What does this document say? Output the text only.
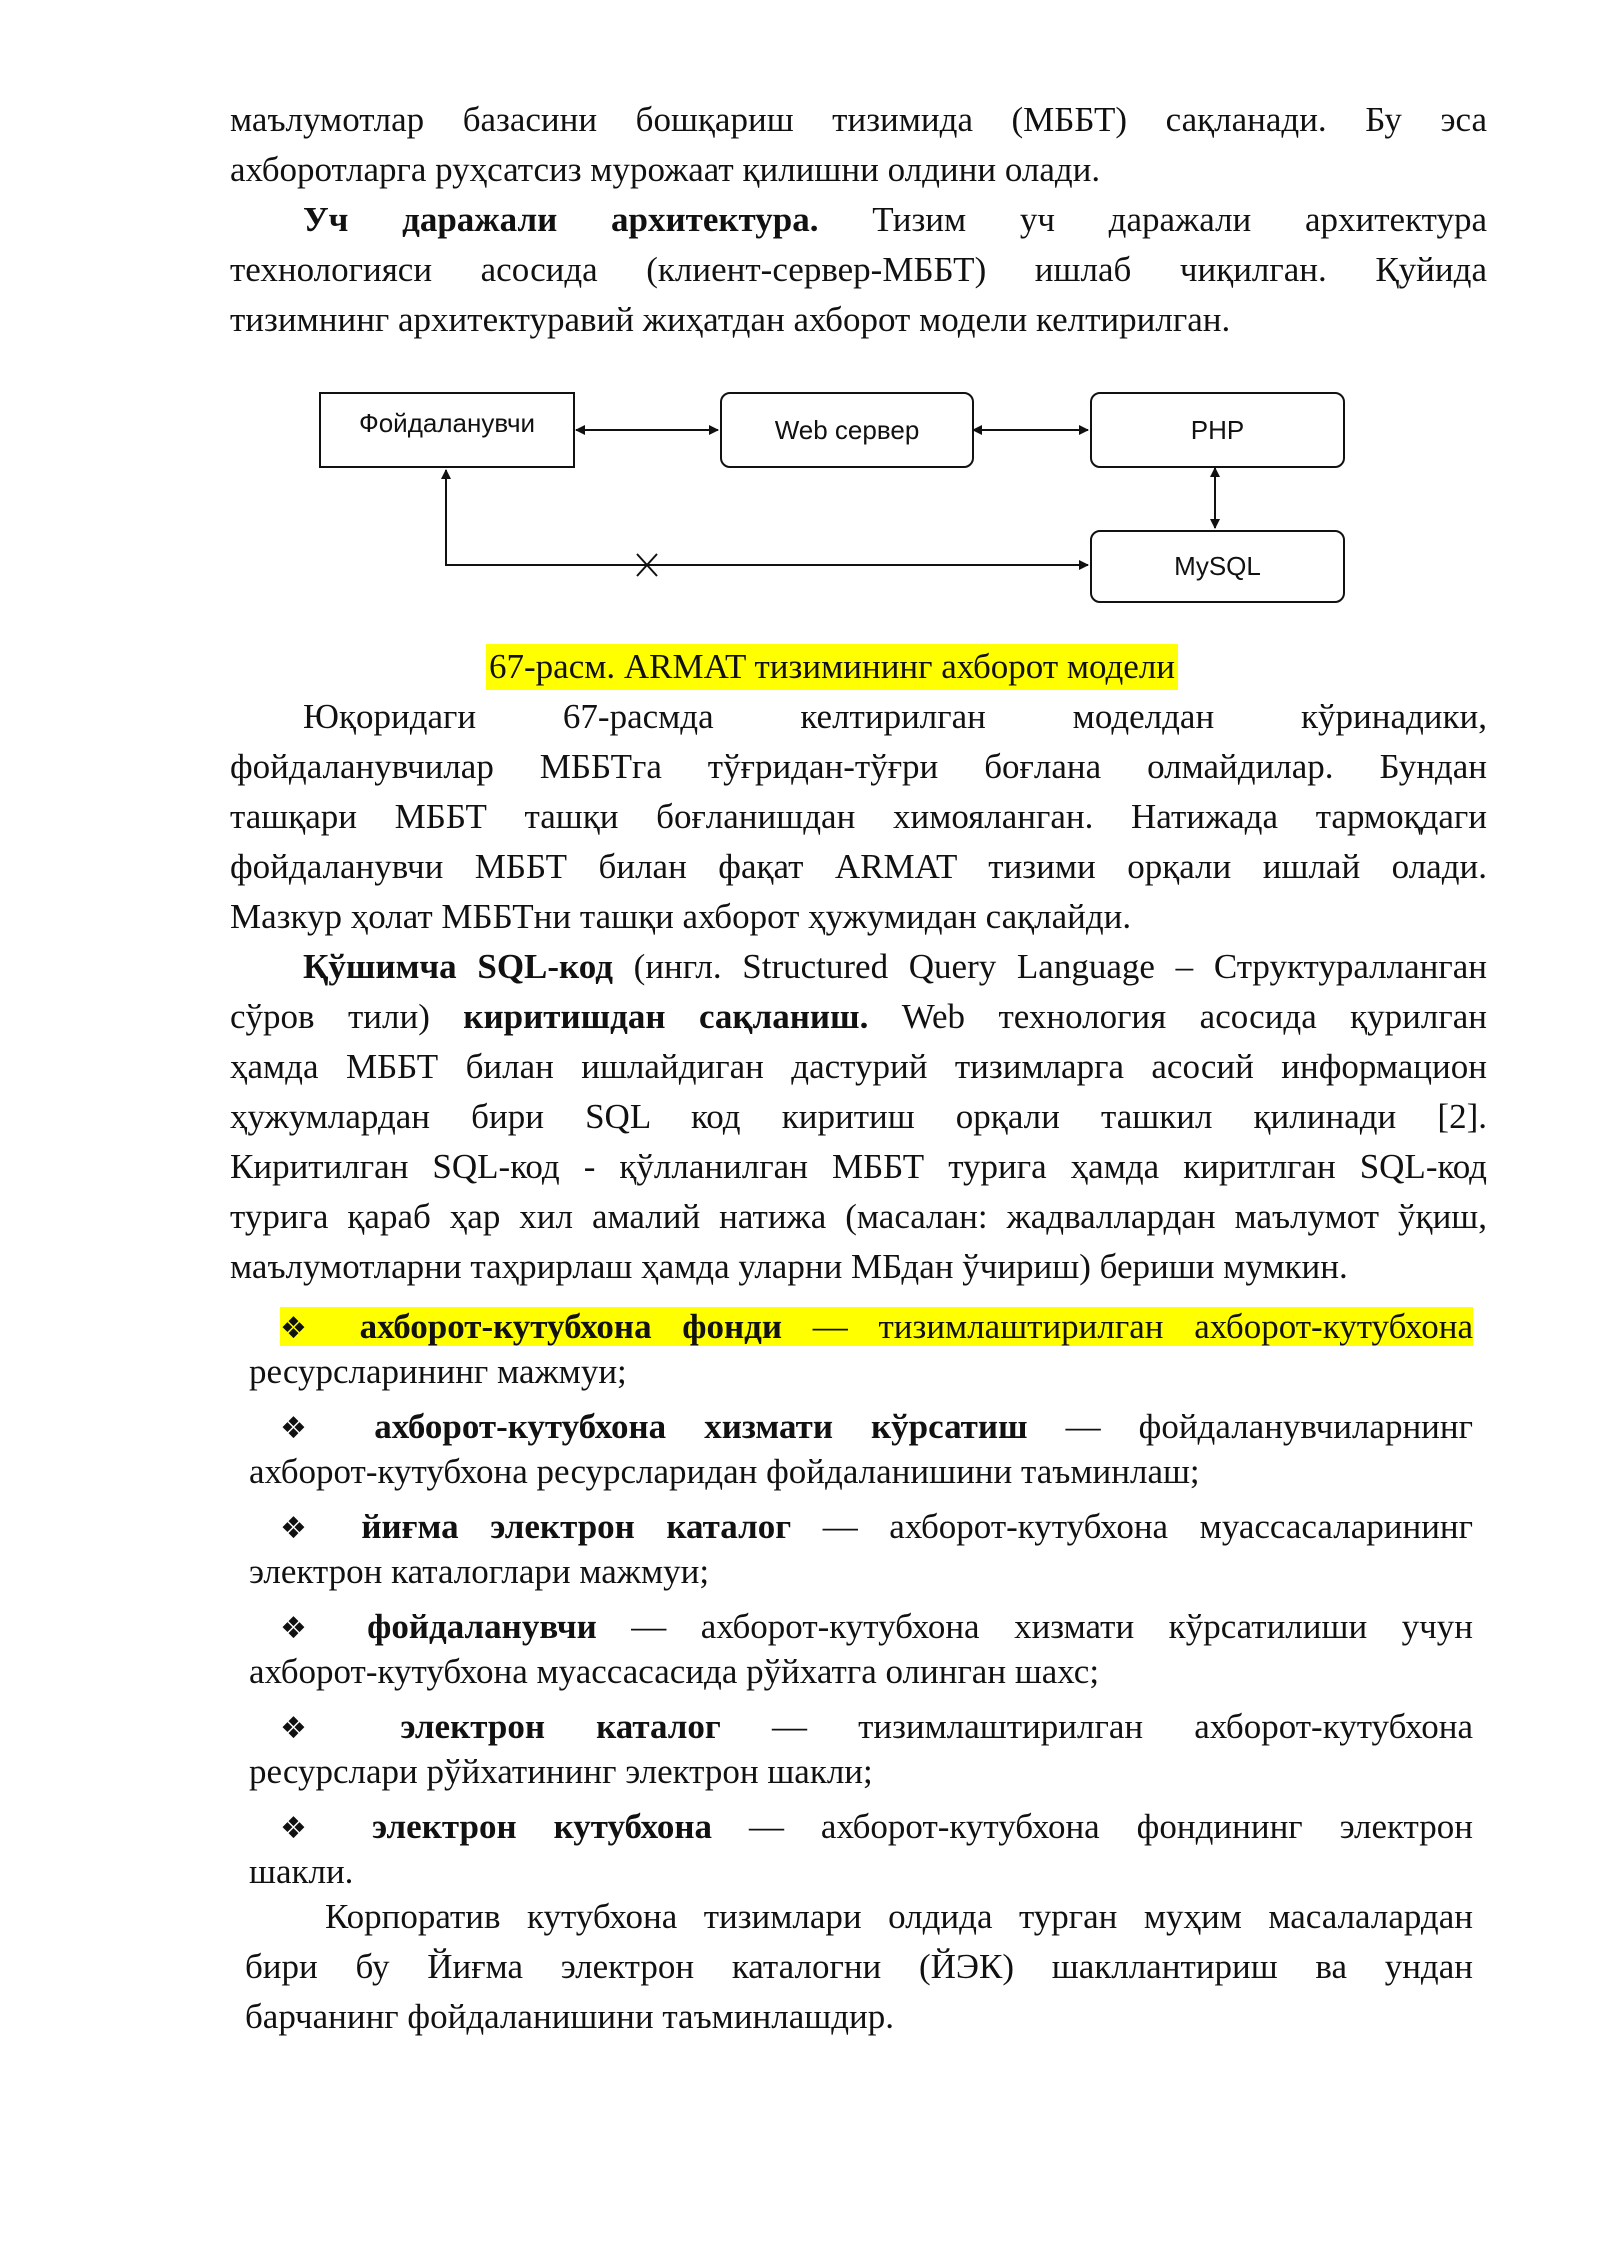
маълумотлар базасини бошқариш тизимида (МББТ) сақланади. Бу эса
ахборотларга руҳсатсиз мурожаат қилишни олдини олади.
Уч даражали архитектура. Тизим уч даражали архитектура
технологияси асосида (клиент-сервер-МББТ) ишлаб чиқилган. Қуйида
тизимнинг архитектуравий жиҳатдан ахборот модели келтирилган.
Фойдаланувчи	Web сервер	PHP
MySQL
67-расм. ARMAT тизимининг ахборот модели
Юқоридаги 67-расмда келтирилган моделдан кўринадики,
фойдаланувчилар МББТга тўғридан-тўғри боғлана олмайдилар. Бундан
ташқари МББТ ташқи боғланишдан химояланган. Натижада тармоқдаги
фойдаланувчи МББТ билан фақат ARMAT тизими орқали ишлай олади.
Мазкур ҳолат МББТни ташқи ахборот ҳужумидан сақлайди.
Қўшимча SQL-код (ингл. Structured Query Language – Структуралланган
сўров тили) киритишдан сақланиш. Web технология асосида қурилган
ҳамда МББТ билан ишлайдиган дастурий тизимларга асосий информацион
ҳужумлардан бири SQL код киритиш орқали ташкил қилинади [2].
Киритилган SQL-код - қўлланилган МББТ турига ҳамда киритлган SQL-код
турига қараб ҳар хил амалий натижа (масалан: жадваллардан маълумот ўқиш,
маълумотларни таҳрирлаш ҳамда уларни МБдан ўчириш) бериши мумкин.
❖ ахборот-кутубхона фонди — тизимлаштирилган ахборот-кутубхона
ресурсларининг мажмуи;
❖ ахборот-кутубхона хизмати кўрсатиш — фойдаланувчиларнинг
ахборот-кутубхона ресурсларидан фойдаланишини таъминлаш;
❖ йиғма электрон каталог — ахборот-кутубхона муассасаларининг
электрон каталоглари мажмуи;
❖ фойдаланувчи — ахборот-кутубхона хизмати кўрсатилиши учун
ахборот-кутубхона муассасасида рўйхатга олинган шахс;
❖ электрон каталог — тизимлаштирилган ахборот-кутубхона
ресурслари рўйхатининг электрон шакли;
❖ электрон кутубхона — ахборот-кутубхона фондининг электрон
шакли.
Корпоратив кутубхона тизимлари олдида турган муҳим масалалардан
бири бу Йиғма электрон каталогни (ЙЭК) шакллантириш ва ундан
барчанинг фойдаланишини таъминлашдир.
